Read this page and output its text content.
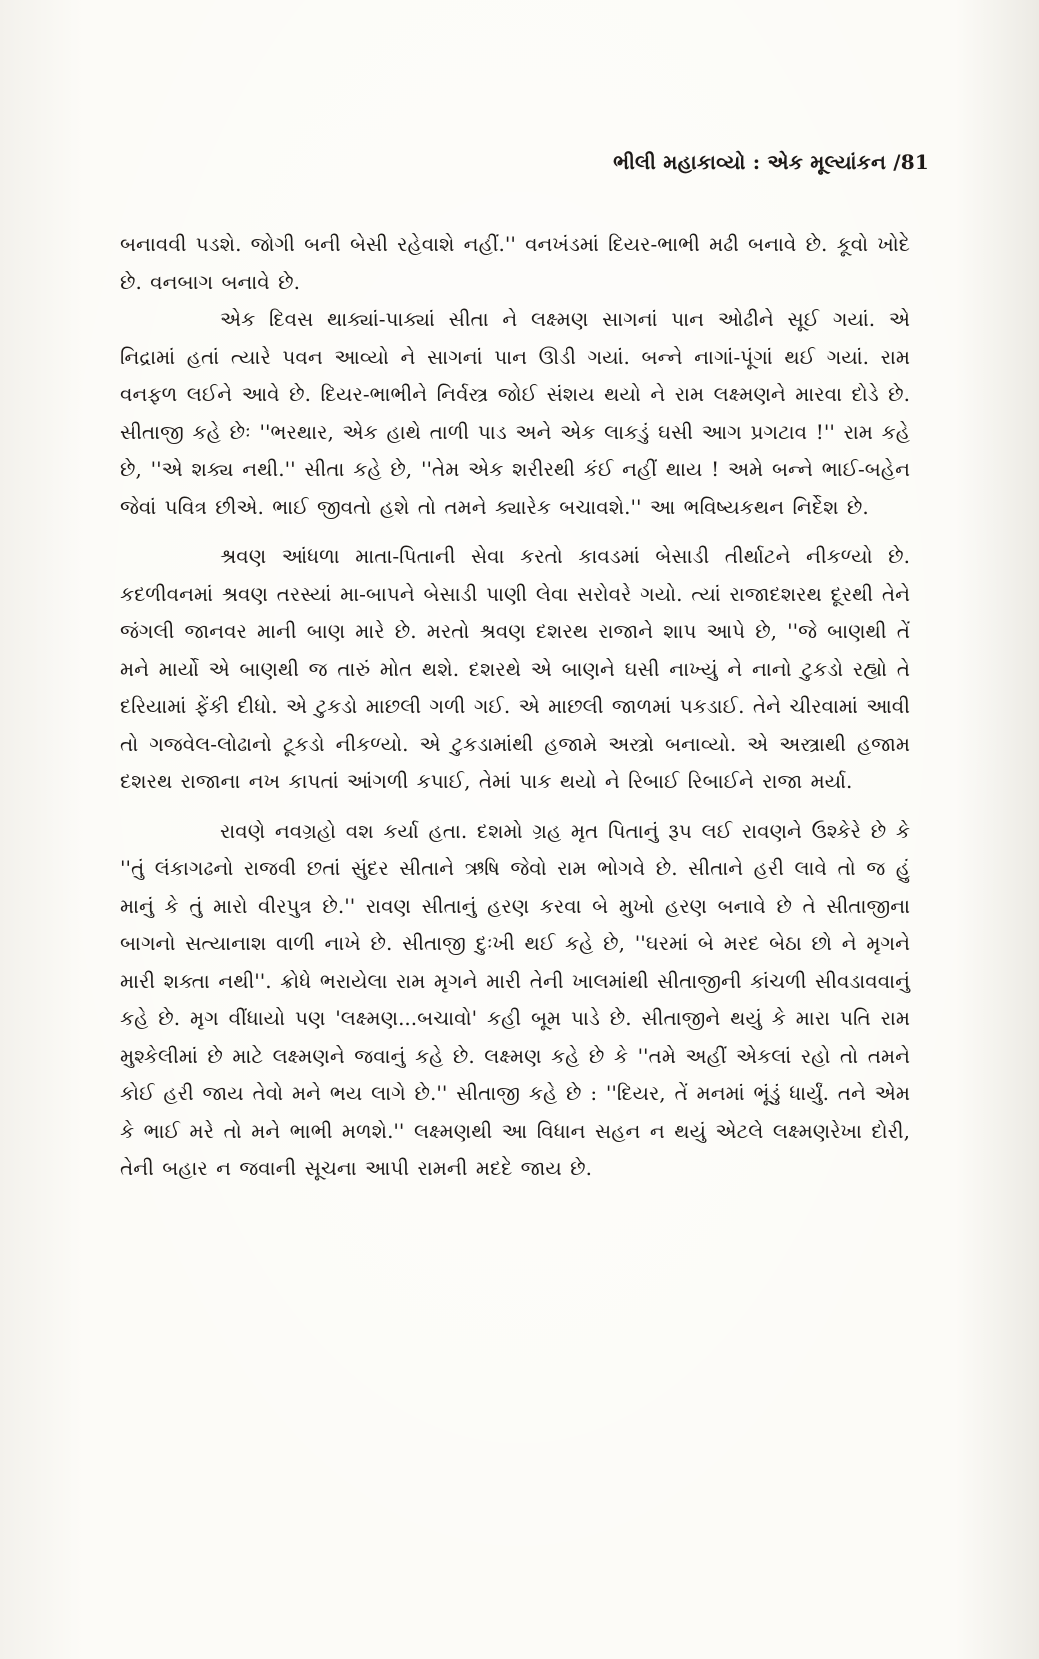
ભીલી મહાકાવ્યો : એક મૂલ્યાંકન /81

બનાવવી પડશે. જોગી બની બેસી રહેવાશે નહીં.'' વનખંડમાં દિયર-ભાભી મઢી બનાવે છે. કૂવો ખોદે છે. વનબાગ બનાવે છે.

એક દિવસ થાક્યાં-પાક્યાં સીતા ને લક્ષ્મણ સાગનાં પાન ઓઢીને સૂઈ ગયાં. એ નિદ્રામાં હતાં ત્યારે પવન આવ્યો ને સાગનાં પાન ઊડી ગયાં. બન્ને નાગાં-પૂંગાં થઈ ગયાં. રામ વનફળ લઈને આવે છે. દિયર-ભાભીને નિર્વસ્ત્ર જોઈ સંશય થયો ને રામ લક્ષ્મણને મારવા દોડે છે. સીતાજી કહે છેઃ ''ભરથાર, એક હાથે તાળી પાડ અને એક લાકડું ઘસી આગ પ્રગટાવ !'' રામ કહે છે, ''એ શક્ય નથી.'' સીતા કહે છે, ''તેમ એક શરીરથી કંઈ નહીં થાય ! અમે બન્ને ભાઈ-બહેન જેવાં પવિત્ર છીએ. ભાઈ જીવતો હશે તો તમને ક્યારેક બચાવશે.'' આ ભવિષ્યકથન નિર્દેશ છે.

શ્રવણ આંધળા માતા-પિતાની સેવા કરતો કાવડમાં બેસાડી તીર્થાટને નીકળ્યો છે. કદળીવનમાં શ્રવણ તરસ્યાં મા-બાપને બેસાડી પાણી લેવા સરોવરે ગયો. ત્યાં રાજાદશરથ દૂરથી તેને જંગલી જાનવર માની બાણ મારે છે. મરતો શ્રવણ દશરથ રાજાને શાપ આપે છે, ''જે બાણથી તેં મને માર્યો એ બાણથી જ તારું મોત થશે. દશરથે એ બાણને ઘસી નાખ્યું ને નાનો ટુકડો રહ્યો તે દરિયામાં ફેંકી દીધો. એ ટુકડો માછલી ગળી ગઈ. એ માછલી જાળમાં પકડાઈ. તેને ચીરવામાં આવી તો ગજવેલ-લોઢાનો ટૂકડો નીકળ્યો. એ ટુકડામાંથી હજામે અસ્ત્રો બનાવ્યો. એ અસ્ત્રાથી હજામ દશરથ રાજાના નખ કાપતાં આંગળી કપાઈ, તેમાં પાક થયો ને રિબાઈ રિબાઈને રાજા મર્યા.

રાવણે નવગ્રહો વશ કર્યા હતા. દશમો ગ્રહ મૃત પિતાનું રૂપ લઈ રાવણને ઉશ્કેરે છે કે ''તું લંકાગઢનો રાજવી છતાં સુંદર સીતાને ઋષિ જેવો રામ ભોગવે છે. સીતાને હરી લાવે તો જ હું માનું કે તું મારો વીરપુત્ર છે.'' રાવણ સીતાનું હરણ કરવા બે મુખો હરણ બનાવે છે તે સીતાજીના બાગનો સત્યાનાશ વાળી નાખે છે. સીતાજી દુઃખી થઈ કહે છે, ''ઘરમાં બે મરદ બેઠા છો ને મૃગને મારી શક્તા નથી''. ક્રોધે ભરાયેલા રામ મૃગને મારી તેની ખાલમાંથી સીતાજીની કાંચળી સીવડાવવાનું કહે છે. મૃગ વીંધાયો પણ 'લક્ષ્મણ...બચાવો' કહી બૂમ પાડે છે. સીતાજીને થયું કે મારા પતિ રામ મુશ્કેલીમાં છે માટે લક્ષ્મણને જવાનું કહે છે. લક્ષ્મણ કહે છે કે ''તમે અહીં એકલાં રહો તો તમને કોઈ હરી જાય તેવો મને ભય લાગે છે.'' સીતાજી કહે છે : ''દિયર, તેં મનમાં ભૂંડું ધાર્યું. તને એમ કે ભાઈ મરે તો મને ભાભી મળશે.'' લક્ષ્મણથી આ વિધાન સહન ન થયું એટલે લક્ષ્મણરેખા દોરી, તેની બહાર ન જવાની સૂચના આપી રામની મદદે જાય છે.
